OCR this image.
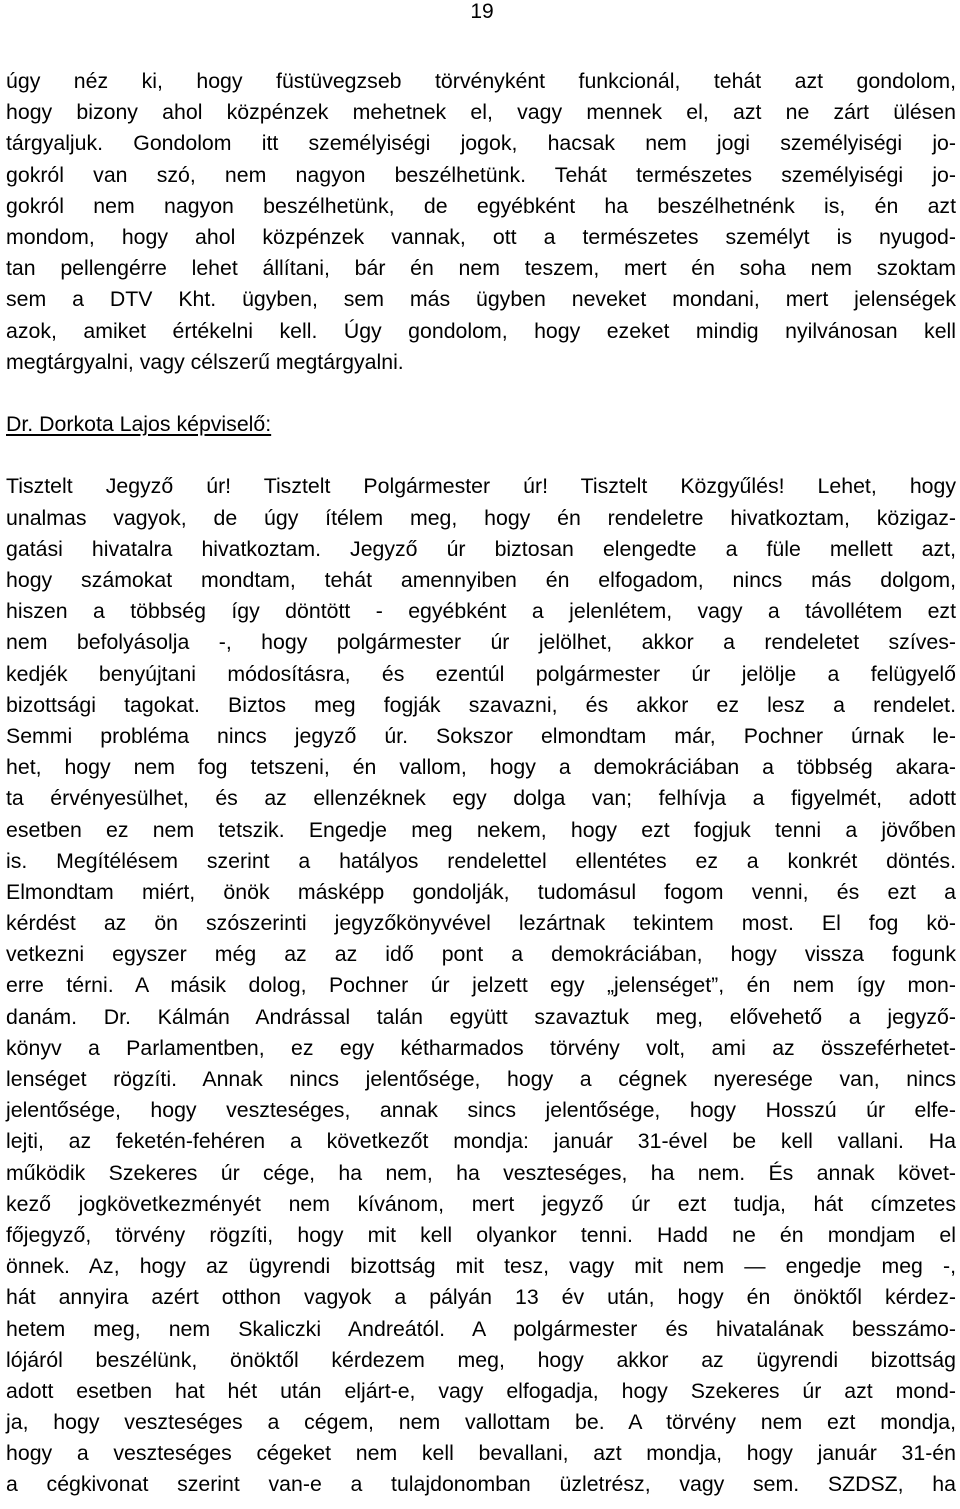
19
úgy néz ki, hogy füstüvegzseb törvényként funkcionál, tehát azt gondolom,
hogy bizony ahol közpénzek mehetnek el, vagy mennek el, azt ne zárt ülésen
tárgyaljuk. Gondolom itt személyiségi jogok, hacsak nem jogi személyiségi jo-
gokról van szó, nem nagyon beszélhetünk. Tehát természetes személyiségi jo-
gokról nem nagyon beszélhetünk, de egyébként ha beszélhetnénk is, én azt
mondom, hogy ahol közpénzek vannak, ott a természetes személyt is nyugod-
tan pellengérre lehet állítani, bár én nem teszem, mert én soha nem szoktam
sem a DTV Kht. ügyben, sem más ügyben neveket mondani, mert jelenségek
azok, amiket értékelni kell. Úgy gondolom, hogy ezeket mindig nyilvánosan kell
megtárgyalni, vagy célszerű megtárgyalni.
Dr. Dorkota Lajos képviselő:
Tisztelt Jegyző úr! Tisztelt Polgármester úr! Tisztelt Közgyűlés! Lehet, hogy
unalmas vagyok, de úgy ítélem meg, hogy én rendeletre hivatkoztam, közigaz-
gatási hivatalra hivatkoztam. Jegyző úr biztosan elengedte a füle mellett azt,
hogy számokat mondtam, tehát amennyiben én elfogadom, nincs más dolgom,
hiszen a többség így döntött - egyébként a jelenlétem, vagy a távollétem ezt
nem befolyásolja -, hogy polgármester úr jelölhet, akkor a rendeletet szíves-
kedjék benyújtani módosításra, és ezentúl polgármester úr jelölje a felügyelő
bizottsági tagokat. Biztos meg fogják szavazni, és akkor ez lesz a rendelet.
Semmi probléma nincs jegyző úr. Sokszor elmondtam már, Pochner úrnak le-
het, hogy nem fog tetszeni, én vallom, hogy a demokráciában a többség akara-
ta érvényesülhet, és az ellenzéknek egy dolga van; felhívja a figyelmét, adott
esetben ez nem tetszik. Engedje meg nekem, hogy ezt fogjuk tenni a jövőben
is. Megítélésem szerint a hatályos rendelettel ellentétes ez a konkrét döntés.
Elmondtam miért, önök másképp gondolják, tudomásul fogom venni, és ezt a
kérdést az ön szószerinti jegyzőkönyvével lezártnak tekintem most. El fog kö-
vetkezni egyszer még az az idő pont a demokráciában, hogy vissza fogunk
erre térni. A másik dolog, Pochner úr jelzett egy „jelenséget”, én nem így mon-
danám. Dr. Kálmán Andrással talán együtt szavaztuk meg, elővehető a jegyző-
könyv a Parlamentben, ez egy kétharmados törvény volt, ami az összeférhetet-
lenséget rögzíti. Annak nincs jelentősége, hogy a cégnek nyeresége van, nincs
jelentősége, hogy veszteséges, annak sincs jelentősége, hogy Hosszú úr elfe-
lejti, az feketén-fehéren a következőt mondja: január 31-ével be kell vallani. Ha
működik Szekeres úr cége, ha nem, ha veszteséges, ha nem. És annak követ-
kező jogkövetkezményét nem kívánom, mert jegyző úr ezt tudja, hát címzetes
főjegyző, törvény rögzíti, hogy mit kell olyankor tenni. Hadd ne én mondjam el
önnek. Az, hogy az ügyrendi bizottság mit tesz, vagy mit nem — engedje meg -,
hát annyira azért otthon vagyok a pályán 13 év után, hogy én önöktől kérdez-
hetem meg, nem Skaliczki Andreától. A polgármester és hivatalának besszámo-
lójáról beszélünk, önöktől kérdezem meg, hogy akkor az ügyrendi bizottság
adott esetben hat hét után eljárt-e, vagy elfogadja, hogy Szekeres úr azt mond-
ja, hogy veszteséges a cégem, nem vallottam be. A törvény nem ezt mondja,
hogy a veszteséges cégeket nem kell bevallani, azt mondja, hogy január 31-én
a cégkivonat szerint van-e a tulajdonomban üzletrész, vagy sem. SZDSZ, ha
